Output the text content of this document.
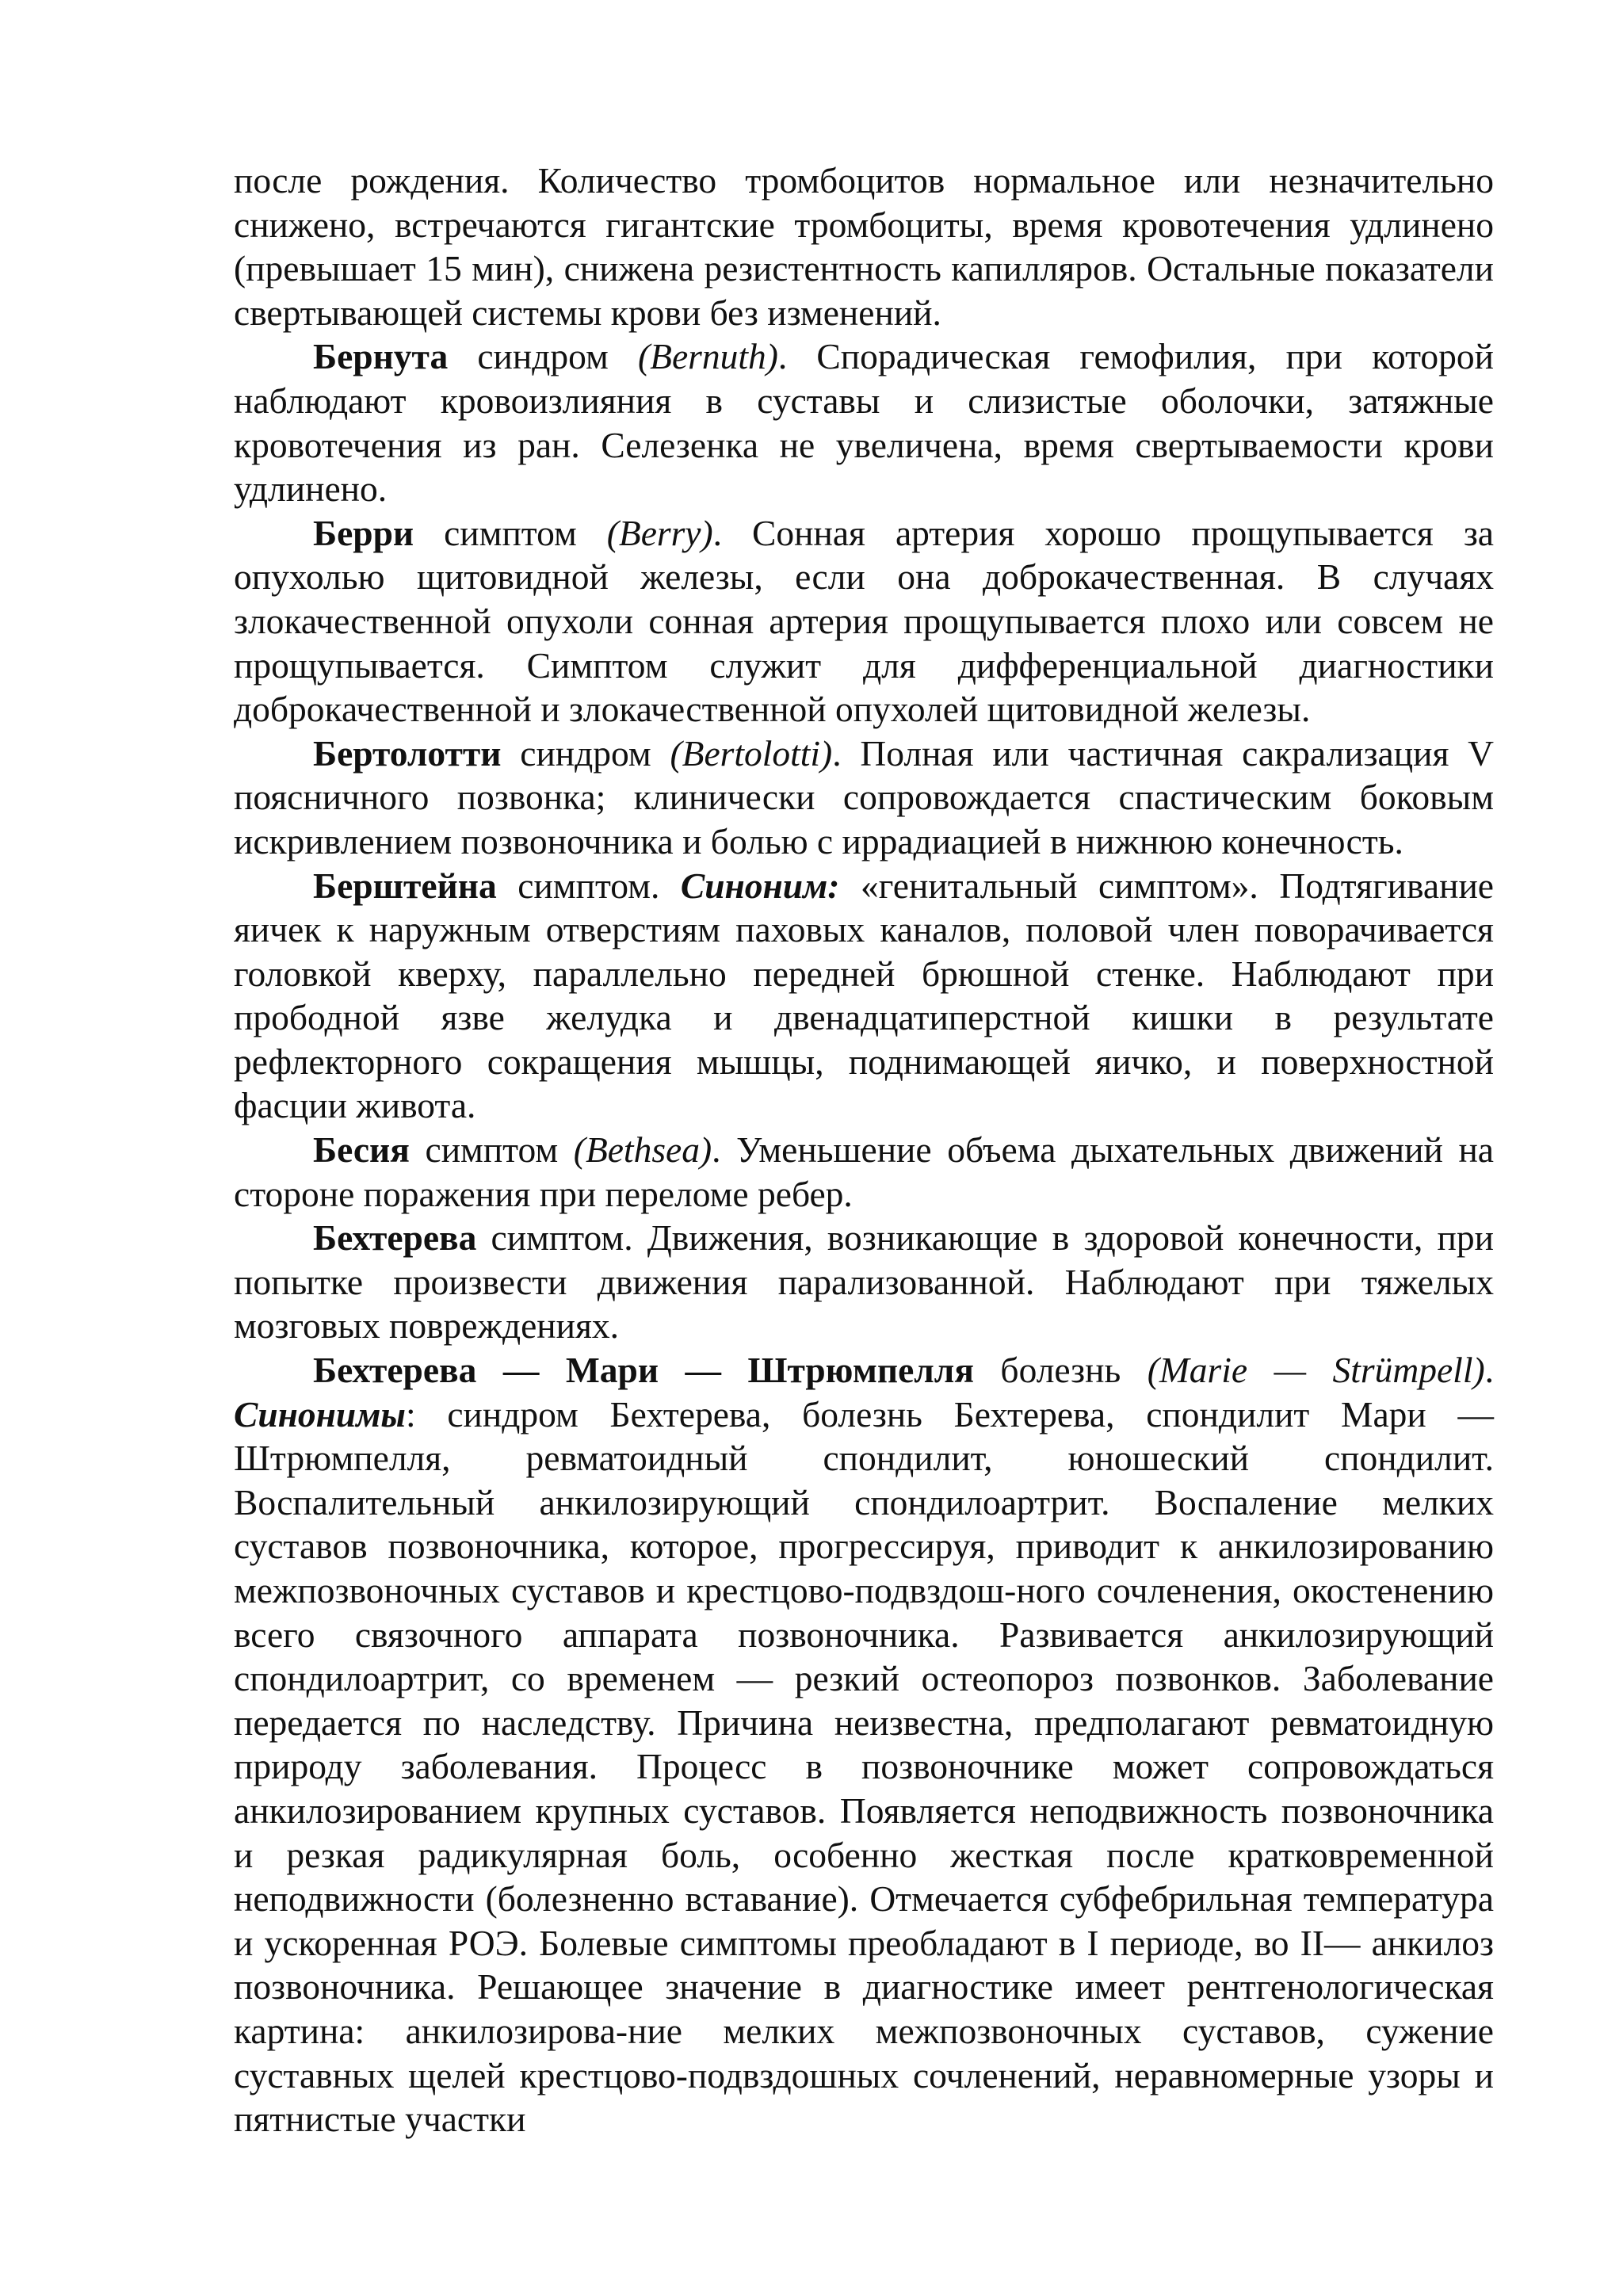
после рождения. Количество тромбоцитов нормальное или незначительно снижено, встречаются гигантские тромбоциты, время кровотечения удлинено (превышает 15 мин), снижена резистентность капилляров. Остальные показатели свертывающей системы крови без изменений.

Бернута синдром (Bernuth). Спорадическая гемофилия, при которой наблюдают кровоизлияния в суставы и слизистые оболочки, затяжные кровотечения из ран. Селезенка не увеличена, время свертываемости крови удлинено.

Берри симптом (Berry). Сонная артерия хорошо прощупывается за опухолью щитовидной железы, если она доброкачественная. В случаях злокачественной опухоли сонная артерия прощупывается плохо или совсем не прощупывается. Симптом служит для дифференциальной диагностики доброкачественной и злокачественной опухолей щитовидной железы.

Бертолотти синдром (Bertolotti). Полная или частичная сакрализация V поясничного позвонка; клинически сопровождается спастическим боковым искривлением позвоночника и болью с иррадиацией в нижнюю конечность.

Берштейна симптом. Синоним: «генитальный симптом». Подтягивание яичек к наружным отверстиям паховых каналов, половой член поворачивается головкой кверху, параллельно передней брюшной стенке. Наблюдают при прободной язве желудка и двенадцатиперстной кишки в результате рефлекторного сокращения мышцы, поднимающей яичко, и поверхностной фасции живота.

Бесия симптом (Bethsea). Уменьшение объема дыхательных движений на стороне поражения при переломе ребер.

Бехтерева симптом. Движения, возникающие в здоровой конечности, при попытке произвести движения парализованной. Наблюдают при тяжелых мозговых повреждениях.

Бехтерева — Мари — Штрюмпелля болезнь (Marie — Strümpell). Синонимы: синдром Бехтерева, болезнь Бехтерева, спондилит Мари — Штрюмпелля, ревматоидный спондилит, юношеский спондилит. Воспалительный анкилозирующий спондилоартрит. Воспаление мелких суставов позвоночника, которое, прогрессируя, приводит к анкилозированию межпозвоночных суставов и крестцово-подвздош-ного сочленения, окостенению всего связочного аппарата позвоночника. Развивается анкилозирующий спондилоартрит, со временем — резкий остеопороз позвонков. Заболевание передается по наследству. Причина неизвестна, предполагают ревматоидную природу заболевания. Процесс в позвоночнике может сопровождаться анкилозированием крупных суставов. Появляется неподвижность позвоночника и резкая радикулярная боль, особенно жесткая после кратковременной неподвижности (болезненно вставание). Отмечается субфебрильная температура и ускоренная РОЭ. Болевые симптомы преобладают в I периоде, во II— анкилоз позвоночника. Решающее значение в диагностике имеет рентгенологическая картина: анкилозирова-ние мелких межпозвоночных суставов, сужение суставных щелей крестцово-подвздошных сочленений, неравномерные узоры и пятнистые участки
